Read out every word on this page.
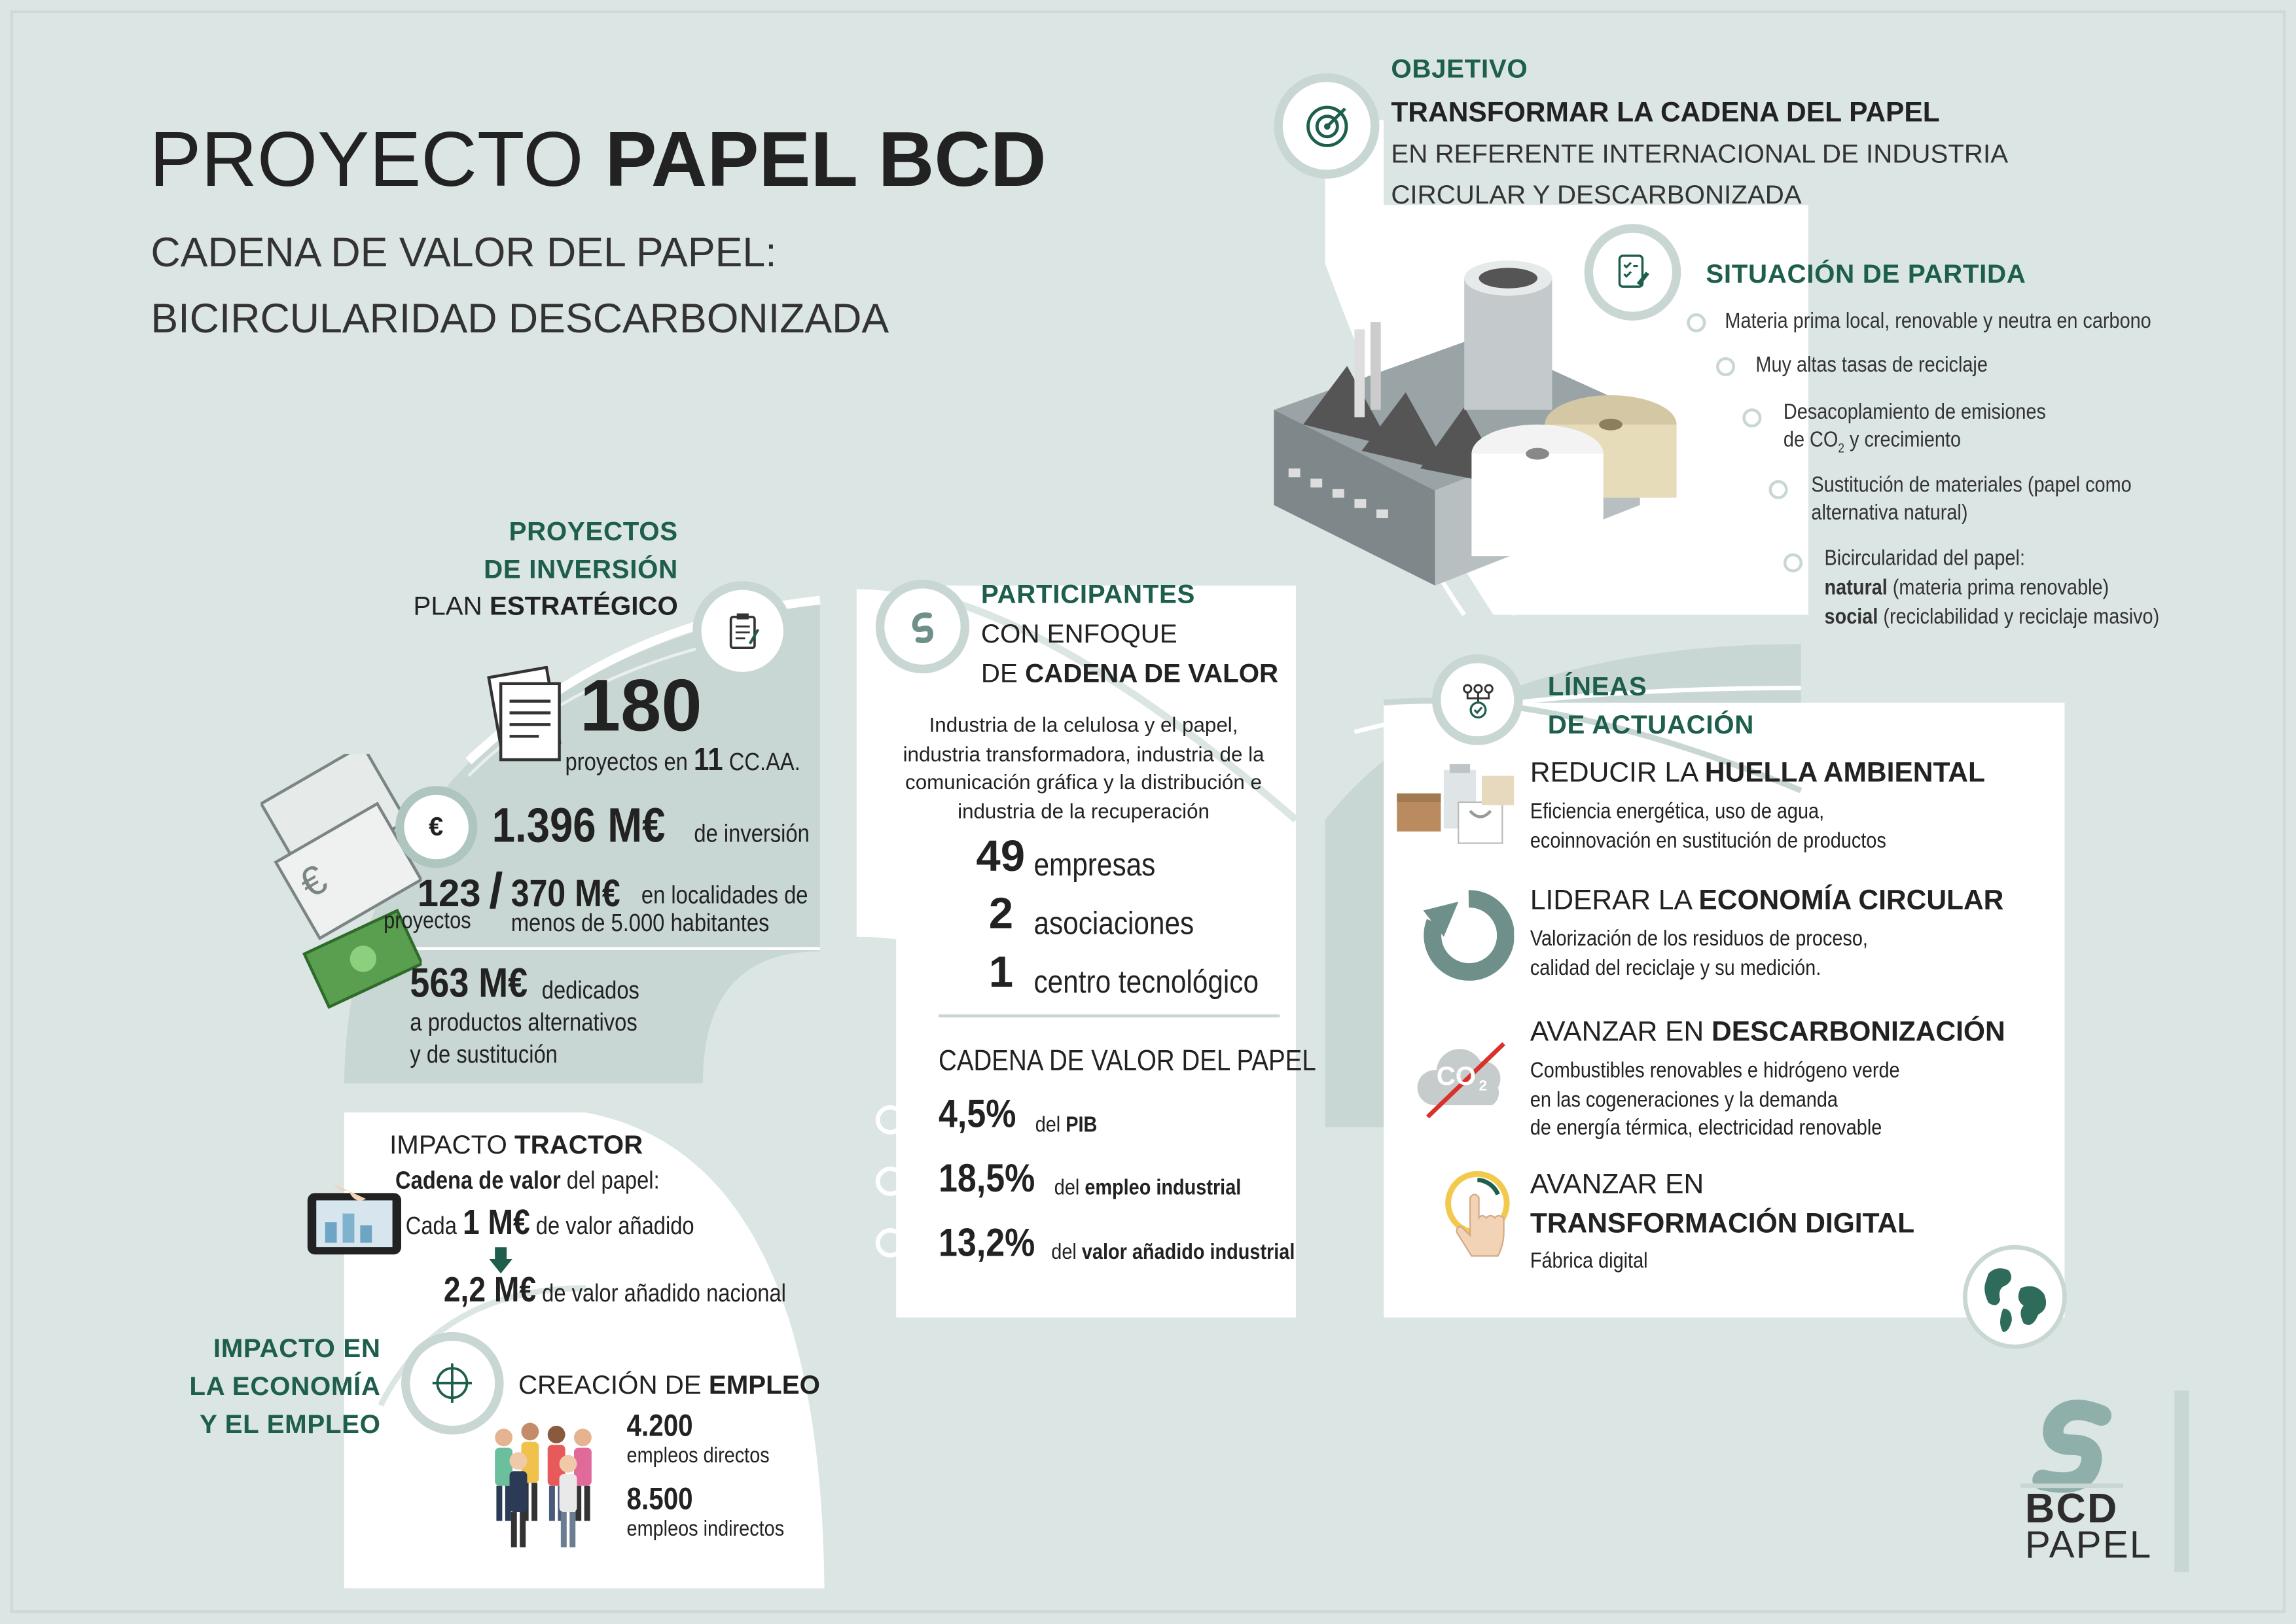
PROYECTO PAPEL BCD
CADENA DE VALOR DEL PAPEL:
BICIRCULARIDAD DESCARBONIZADA
OBJETIVO
TRANSFORMAR LA CADENA DEL PAPEL
EN REFERENTE INTERNACIONAL DE INDUSTRIA
CIRCULAR Y DESCARBONIZADA
SITUACIÓN DE PARTIDA
Materia prima local, renovable y neutra en carbono
Muy altas tasas de reciclaje
Desacoplamiento de emisiones
de $CO_2$ y crecimiento
Sustitución de materiales (papel como
alternativa natural)
Bicircularidad del papel:
natural (materia prima renovable)
social (reciclabilidad y reciclaje masivo)
PROYECTOS
DE INVERSIÓN
PLAN ESTRATÉGICO
180
proyectos en 11 CC.AA.
€
€ 1.396 M€	de inversión
123
proyectos
/ 370 M€	en localidades de
menos de 5.000 habitantes
563 M€	dedicados
a productos alternativos
y de sustitución
PARTICIPANTES
CON ENFOQUE
DE CADENA DE VALOR
Industria de la celulosa y el papel,
industria transformadora, industria de la
comunicación gráfica y la distribución e
industria de la recuperación
49 empresas
2 asociaciones
1 centro tecnológico
CADENA DE VALOR DEL PAPEL
4,5%	del PIB
18,5%	del empleo industrial
13,2%	del valor añadido industrial
LÍNEAS
DE ACTUACIÓN
REDUCIR LA HUELLA AMBIENTAL
Eficiencia energética, uso de agua,
ecoinnovación en sustitución de productos
LIDERAR LA ECONOMÍA CIRCULAR
Valorización de los residuos de proceso,
calidad del reciclaje y su medición.
CO 2
AVANZAR EN DESCARBONIZACIÓN
Combustibles renovables e hidrógeno verde
en las cogeneraciones y la demanda
de energía térmica, electricidad renovable
AVANZAR EN
TRANSFORMACIÓN DIGITAL
Fábrica digital
IMPACTO TRACTOR
Cadena de valor del papel:
Cada 1 M€ de valor añadido
2,2 M€ de valor añadido nacional
IMPACTO EN
LA ECONOMÍA
Y EL EMPLEO
CREACIÓN DE EMPLEO
4.200
empleos directos
8.500
empleos indirectos	BCD
PAPEL
